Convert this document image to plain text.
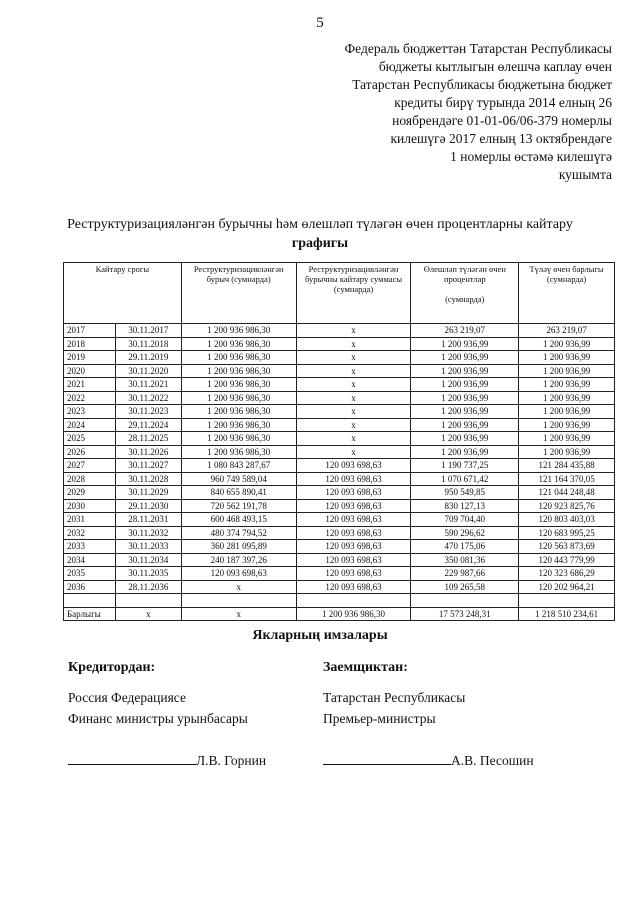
5
Федераль бюджеттән Татарстан Республикасы
бюджеты кытлыгын өлешчә каплау өчен
Татарстан Республикасы бюджетына бюджет
кредиты бирү турында 2014 елның 26
ноябрендәге 01-01-06/06-379 номерлы
килешүгә 2017 елның 13 октябрендәге
1 номерлы өстәмә килешүгә
кушымта
Реструктуризацияләнгән бурычны һәм өлешләп түләгән өчен процентларны кайтару
графигы
Кайтару срогы		Реструктуризацияләнгән бурыч (сумнарда)	Реструктуризацияләнгән бурычны кайтару суммасы (сумнарда)	Өлешләп түләгән өчен процентлар

(сумнарда)	Түләү өчен барлыгы (сумнарда)
2017	30.11.2017	1 200 936 986,30	x	263 219,07	263 219,07
2018	30.11.2018	1 200 936 986,30	x	1 200 936,99	1 200 936,99
2019	29.11.2019	1 200 936 986,30	x	1 200 936,99	1 200 936,99
2020	30.11.2020	1 200 936 986,30	x	1 200 936,99	1 200 936,99
2021	30.11.2021	1 200 936 986,30	x	1 200 936,99	1 200 936,99
2022	30.11.2022	1 200 936 986,30	x	1 200 936,99	1 200 936,99
2023	30.11.2023	1 200 936 986,30	x	1 200 936,99	1 200 936,99
2024	29.11.2024	1 200 936 986,30	x	1 200 936,99	1 200 936,99
2025	28.11.2025	1 200 936 986,30	x	1 200 936,99	1 200 936,99
2026	30.11.2026	1 200 936 986,30	x	1 200 936,99	1 200 936,99
2027	30.11.2027	1 080 843 287,67	120 093 698,63	1 190 737,25	121 284 435,88
2028	30.11.2028	960 749 589,04	120 093 698,63	1 070 671,42	121 164 370,05
2029	30.11.2029	840 655 890,41	120 093 698,63	950 549,85	121 044 248,48
2030	29.11.2030	720 562 191,78	120 093 698,63	830 127,13	120 923 825,76
2031	28.11.2031	600 468 493,15	120 093 698,63	709 704,40	120 803 403,03
2032	30.11.2032	480 374 794,52	120 093 698,63	590 296,62	120 683 995,25
2033	30.11.2033	360 281 095,89	120 093 698,63	470 175,06	120 563 873,69
2034	30.11.2034	240 187 397,26	120 093 698,63	350 081,36	120 443 779,99
2035	30.11.2035	120 093 698,63	120 093 698,63	229 987,66	120 323 686,29
2036	28.11.2036	x	120 093 698,63	109 265,58	120 202 964,21

Барлыгы	x	x	1 200 936 986,30	17 573 248,31	1 218 510 234,61
Якларның имзалары
Кредитордан:	Заемщиктан:
Россия Федерациясе
Финанс министры урынбасары
Татарстан Республикасы
Премьер-министры
Л.В. Горнин	А.В. Песошин
